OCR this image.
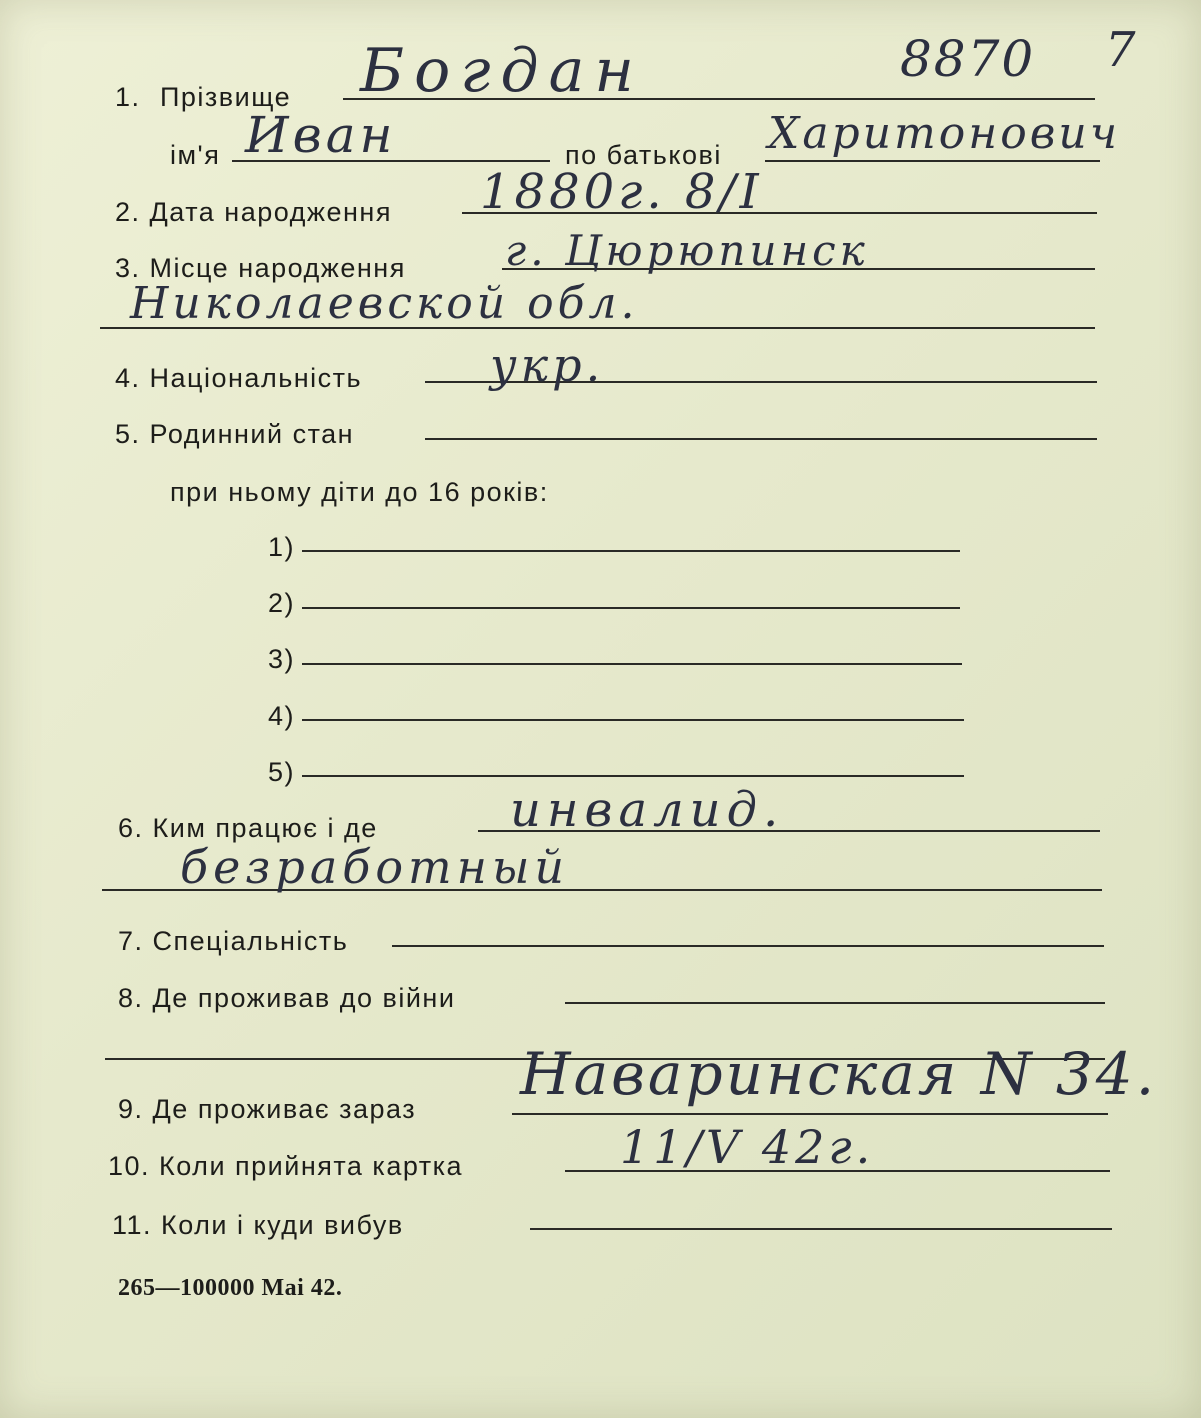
8870 7
1. Прізвище Богдан
ім'я Иван	по батькові Харитонович
2. Дата народження 1880г. 8/I
3. Місце народження г. Цюрюпинск
Николаевской обл.
4. Національність	укр.
5. Родинний стан
при ньому діти до 16 років:
1)
2)
3)
4)
5)
6. Ким працює і де	инвалид.
безработный
7. Спеціальність
8. Де проживав до війни
9. Де проживає зараз
Наваринская N 34.
10. Коли прийнята картка	11/V 42г.
11. Коли і куди вибув
265—100000 Mai 42.
